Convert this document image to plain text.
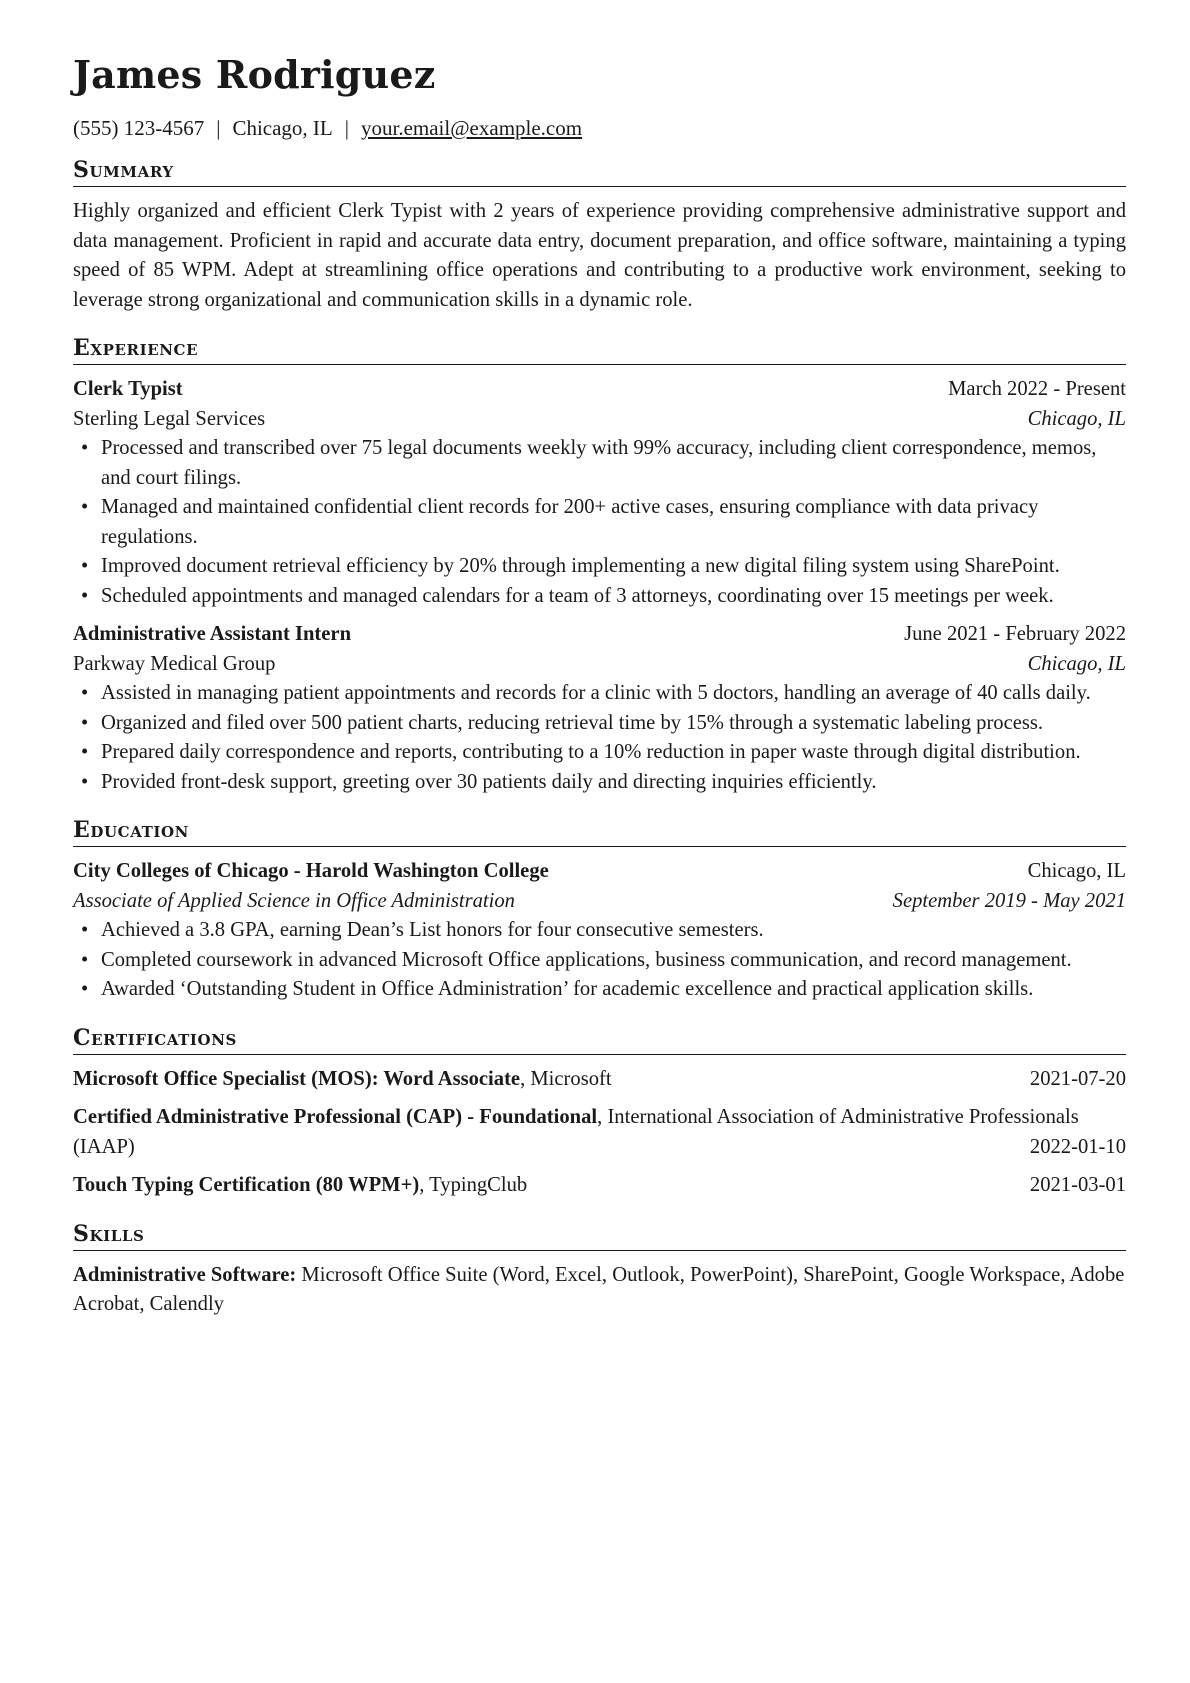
James Rodriguez
(555) 123-4567 | Chicago, IL | your.email@example.com
Summary
Highly organized and efficient Clerk Typist with 2 years of experience providing comprehensive administrative support and data management. Proficient in rapid and accurate data entry, document preparation, and office software, maintaining a typing speed of 85 WPM. Adept at streamlining office operations and contributing to a productive work environment, seeking to leverage strong organizational and communication skills in a dynamic role.
Experience
Clerk Typist	March 2022 - Present
Sterling Legal Services	Chicago, IL
• Processed and transcribed over 75 legal documents weekly with 99% accuracy, including client correspondence, memos, and court filings.
• Managed and maintained confidential client records for 200+ active cases, ensuring compliance with data privacy regulations.
• Improved document retrieval efficiency by 20% through implementing a new digital filing system using SharePoint.
• Scheduled appointments and managed calendars for a team of 3 attorneys, coordinating over 15 meetings per week.
Administrative Assistant Intern	June 2021 - February 2022
Parkway Medical Group	Chicago, IL
• Assisted in managing patient appointments and records for a clinic with 5 doctors, handling an average of 40 calls daily.
• Organized and filed over 500 patient charts, reducing retrieval time by 15% through a systematic labeling process.
• Prepared daily correspondence and reports, contributing to a 10% reduction in paper waste through digital distribution.
• Provided front-desk support, greeting over 30 patients daily and directing inquiries efficiently.
Education
City Colleges of Chicago - Harold Washington College	Chicago, IL
Associate of Applied Science in Office Administration	September 2019 - May 2021
• Achieved a 3.8 GPA, earning Dean’s List honors for four consecutive semesters.
• Completed coursework in advanced Microsoft Office applications, business communication, and record management.
• Awarded ‘Outstanding Student in Office Administration’ for academic excellence and practical application skills.
Certifications
Microsoft Office Specialist (MOS): Word Associate, Microsoft	2021-07-20
Certified Administrative Professional (CAP) - Foundational, International Association of Administrative Professionals (IAAP)	2022-01-10
Touch Typing Certification (80 WPM+), TypingClub	2021-03-01
Skills
Administrative Software: Microsoft Office Suite (Word, Excel, Outlook, PowerPoint), SharePoint, Google Workspace, Adobe Acrobat, Calendly
